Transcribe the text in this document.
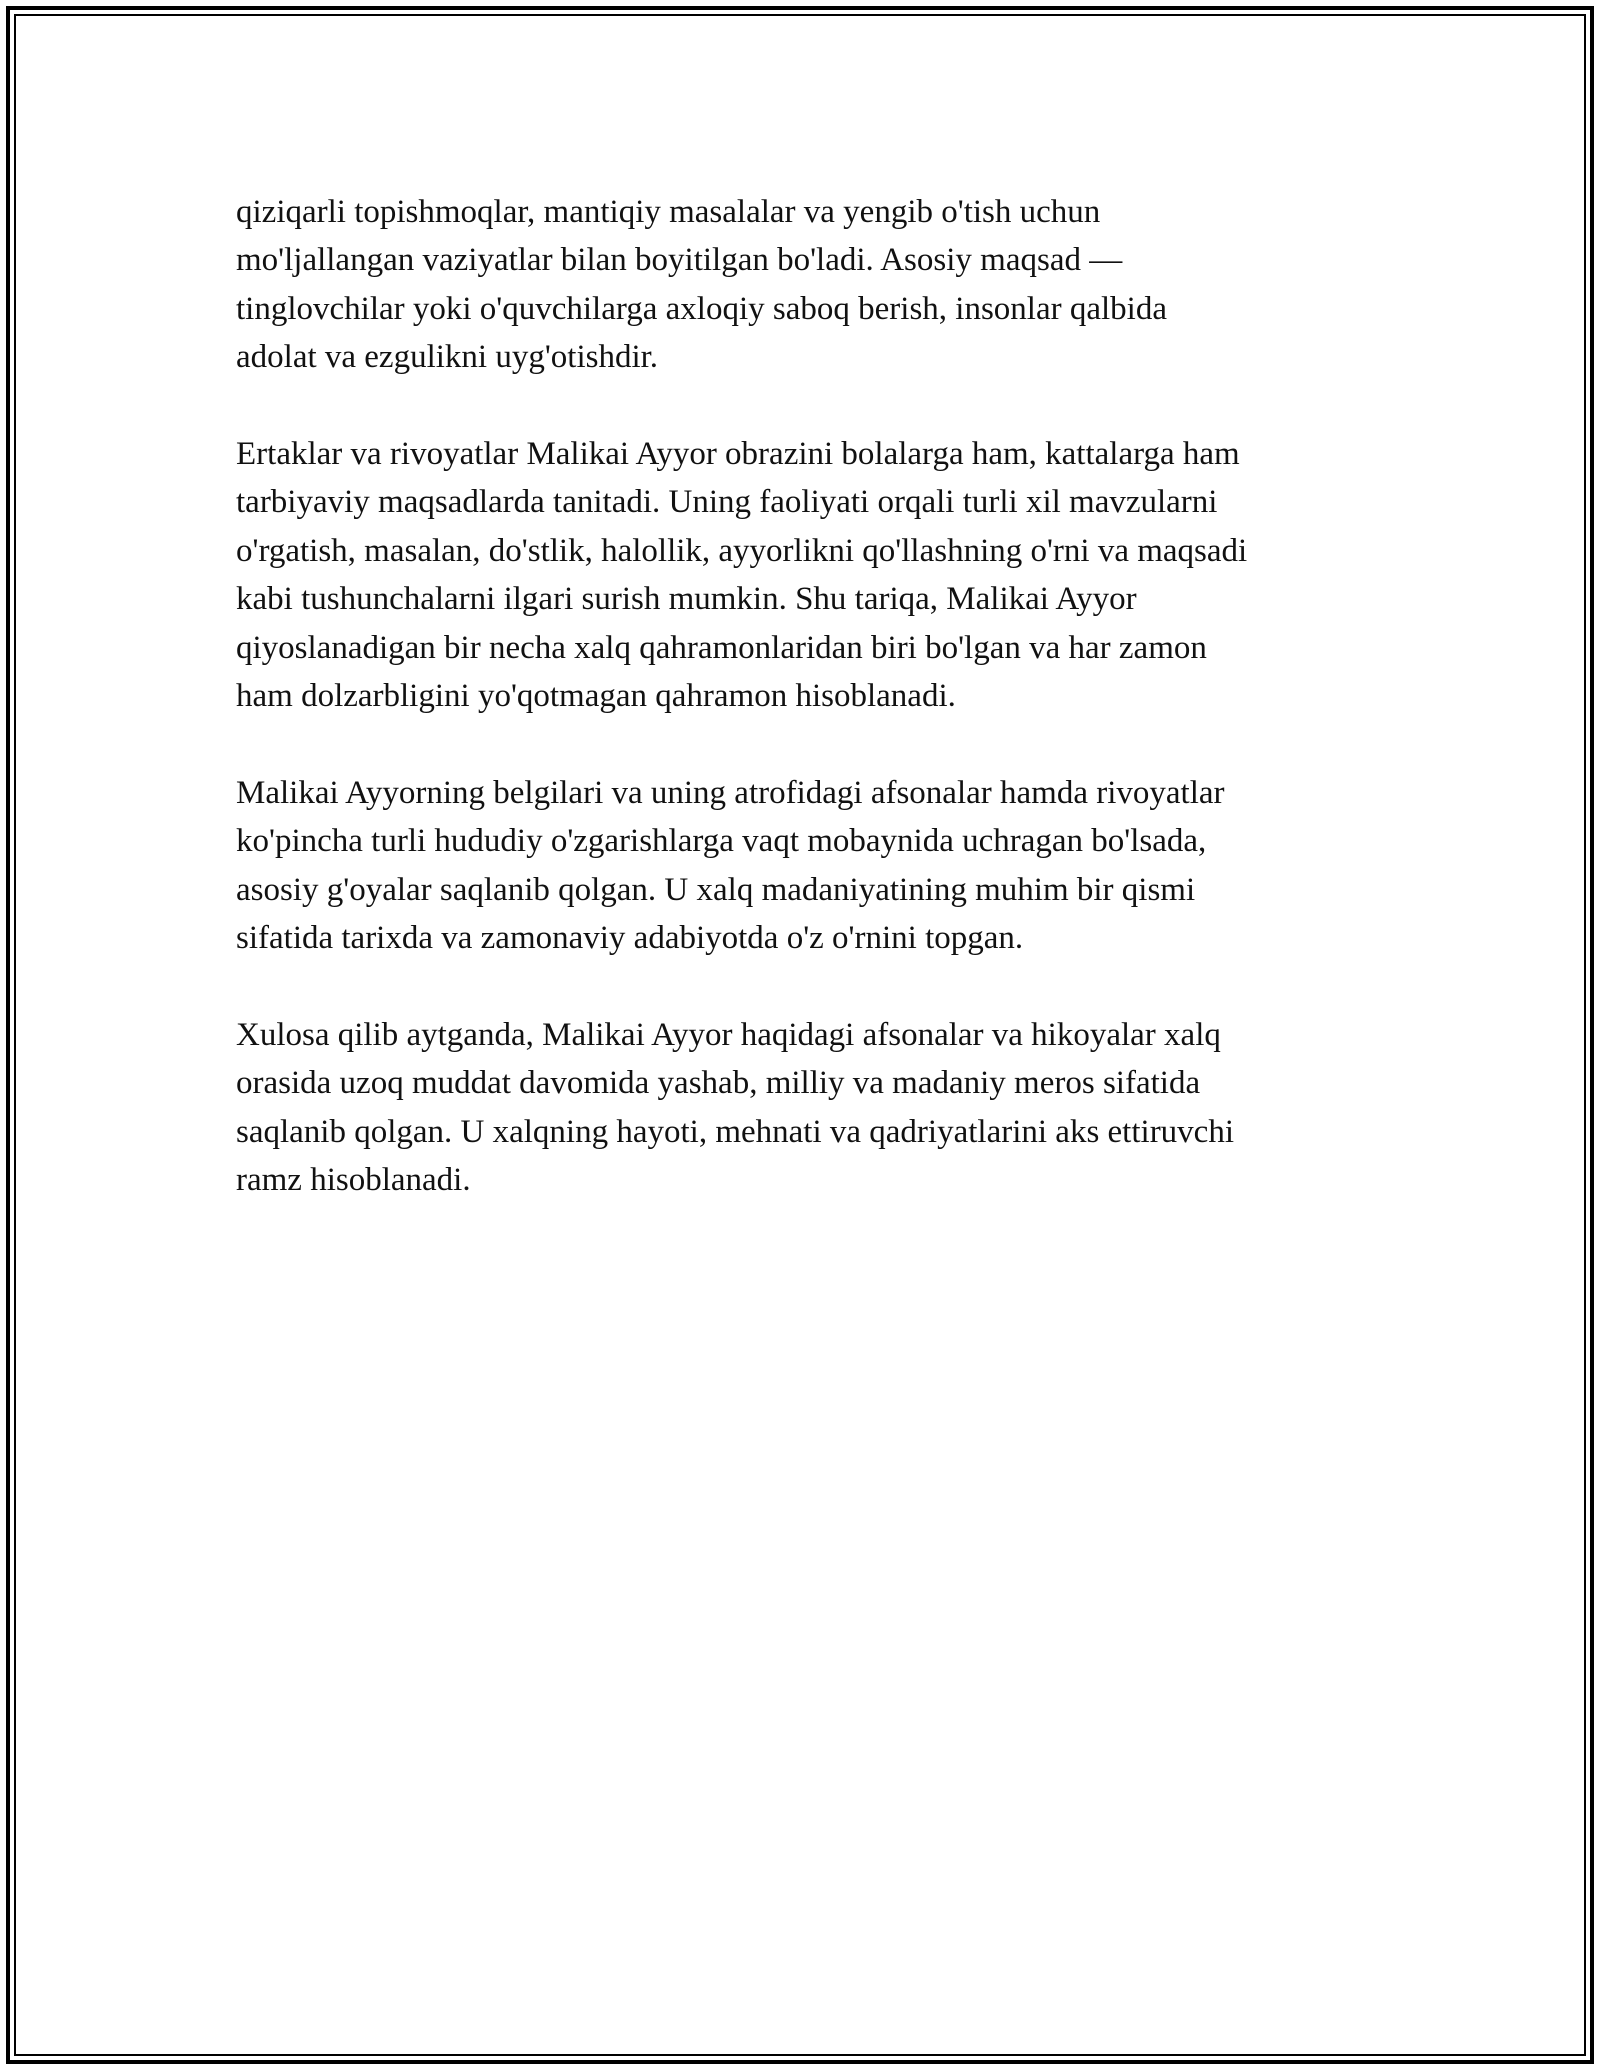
qiziqarli topishmoqlar, mantiqiy masalalar va yengib o'tish uchun
mo'ljallangan vaziyatlar bilan boyitilgan bo'ladi. Asosiy maqsad —
tinglovchilar yoki o'quvchilarga axloqiy saboq berish, insonlar qalbida
adolat va ezgulikni uyg'otishdir.

Ertaklar va rivoyatlar Malikai Ayyor obrazini bolalarga ham, kattalarga ham
tarbiyaviy maqsadlarda tanitadi. Uning faoliyati orqali turli xil mavzularni
o'rgatish, masalan, do'stlik, halollik, ayyorlikni qo'llashning o'rni va maqsadi
kabi tushunchalarni ilgari surish mumkin. Shu tariqa, Malikai Ayyor
qiyoslanadigan bir necha xalq qahramonlaridan biri bo'lgan va har zamon
ham dolzarbligini yo'qotmagan qahramon hisoblanadi.

Malikai Ayyorning belgilari va uning atrofidagi afsonalar hamda rivoyatlar
ko'pincha turli hududiy o'zgarishlarga vaqt mobaynida uchragan bo'lsada,
asosiy g'oyalar saqlanib qolgan. U xalq madaniyatining muhim bir qismi
sifatida tarixda va zamonaviy adabiyotda o'z o'rnini topgan.

Xulosa qilib aytganda, Malikai Ayyor haqidagi afsonalar va hikoyalar xalq
orasida uzoq muddat davomida yashab, milliy va madaniy meros sifatida
saqlanib qolgan. U xalqning hayoti, mehnati va qadriyatlarini aks ettiruvchi
ramz hisoblanadi.
